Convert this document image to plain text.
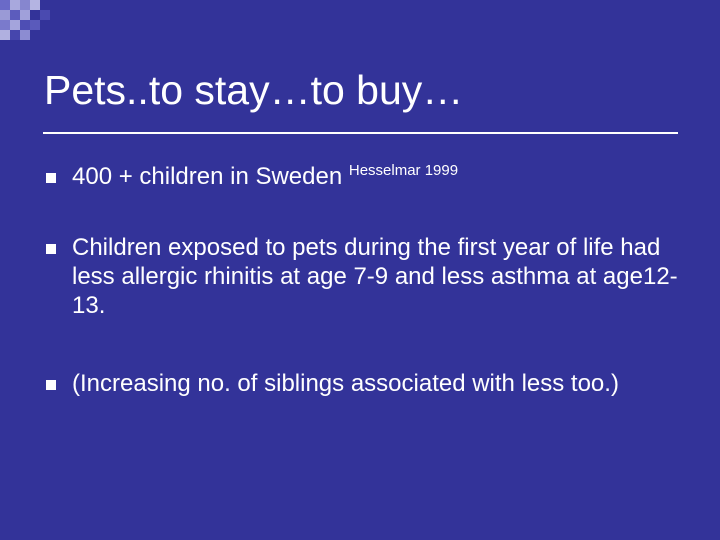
Pets..to stay…to buy…
400 + children in Sweden $^{Hesselmar 1999}$
Children exposed to pets during the first year of life had less allergic rhinitis at age 7-9 and less asthma at age12-13.
(Increasing no. of siblings associated with less too.)
